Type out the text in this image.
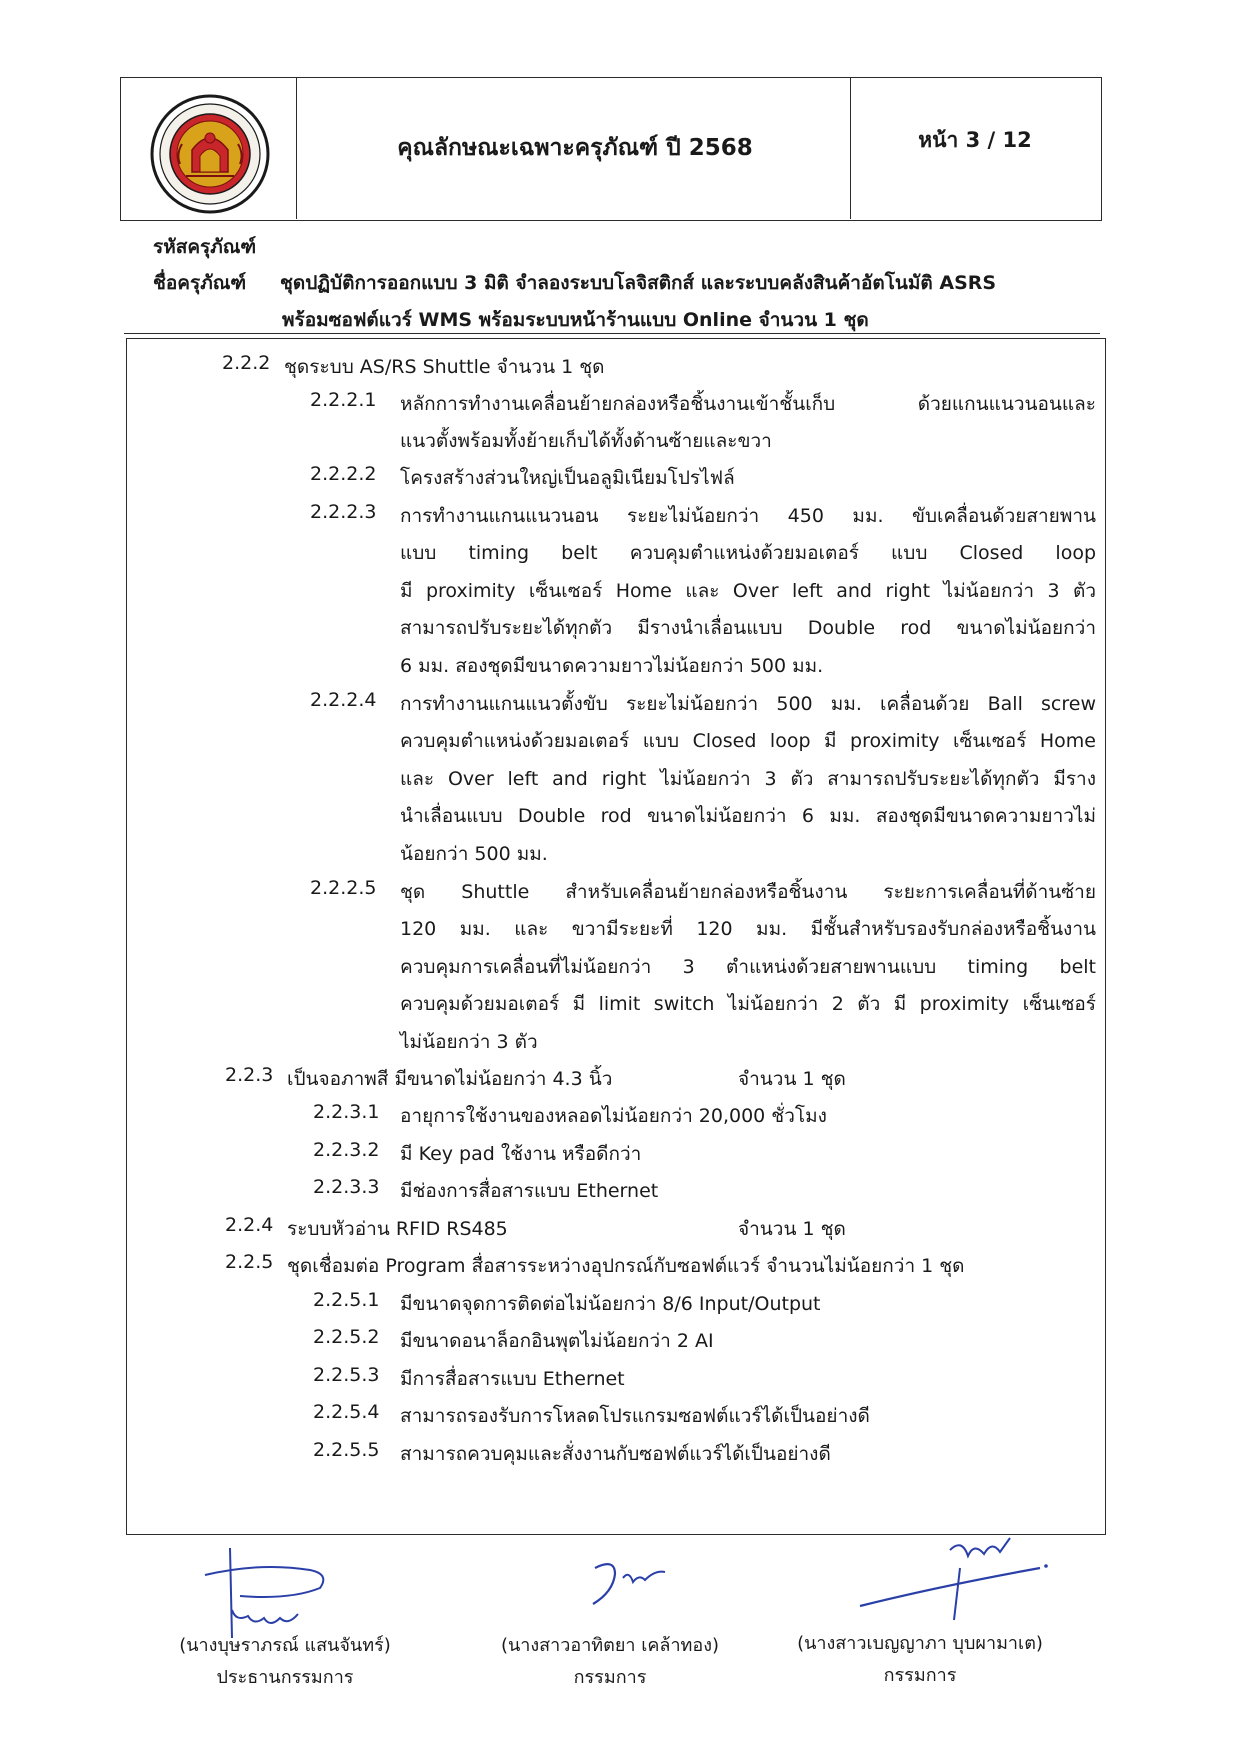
คุณลักษณะเฉพาะครุภัณฑ์ ปี 2568	หน้า 3 / 12
รหัสครุภัณฑ์
ชื่อครุภัณฑ์ ชุดปฏิบัติการออกแบบ 3 มิติ จำลองระบบโลจิสติกส์ และระบบคลังสินค้าอัตโนมัติ ASRS
พร้อมซอฟต์แวร์ WMS พร้อมระบบหน้าร้านแบบ Online จำนวน 1 ชุด
2.2.2 ชุดระบบ AS/RS Shuttle จำนวน 1 ชุด
2.2.2.1 หลักการทำงานเคลื่อนย้ายกล่องหรือชิ้นงานเข้าชั้นเก็บ ด้วยแกนแนวนอนและ
แนวตั้งพร้อมทั้งย้ายเก็บได้ทั้งด้านซ้ายและขวา
2.2.2.2 โครงสร้างส่วนใหญ่เป็นอลูมิเนียมโปรไฟล์
2.2.2.3 การทำงานแกนแนวนอน ระยะไม่น้อยกว่า 450 มม. ขับเคลื่อนด้วยสายพาน
แบบ timing belt ควบคุมตำแหน่งด้วยมอเตอร์ แบบ Closed loop
มี proximity เซ็นเซอร์ Home และ Over left and right ไม่น้อยกว่า 3 ตัว
สามารถปรับระยะได้ทุกตัว มีรางนำเลื่อนแบบ Double rod ขนาดไม่น้อยกว่า
6 มม. สองชุดมีขนาดความยาวไม่น้อยกว่า 500 มม.
2.2.2.4 การทำงานแกนแนวตั้งขับ ระยะไม่น้อยกว่า 500 มม. เคลื่อนด้วย Ball screw
ควบคุมตำแหน่งด้วยมอเตอร์ แบบ Closed loop มี proximity เซ็นเซอร์ Home
และ Over left and right ไม่น้อยกว่า 3 ตัว สามารถปรับระยะได้ทุกตัว มีราง
นำเลื่อนแบบ Double rod ขนาดไม่น้อยกว่า 6 มม. สองชุดมีขนาดความยาวไม่
น้อยกว่า 500 มม.
2.2.2.5 ชุด Shuttle สำหรับเคลื่อนย้ายกล่องหรือชิ้นงาน ระยะการเคลื่อนที่ด้านซ้าย
120 มม. และ ขวามีระยะที่ 120 มม. มีชั้นสำหรับรองรับกล่องหรือชิ้นงาน
ควบคุมการเคลื่อนที่ไม่น้อยกว่า 3 ตำแหน่งด้วยสายพานแบบ timing belt
ควบคุมด้วยมอเตอร์ มี limit switch ไม่น้อยกว่า 2 ตัว มี proximity เซ็นเซอร์
ไม่น้อยกว่า 3 ตัว
2.2.3 เป็นจอภาพสี มีขนาดไม่น้อยกว่า 4.3 นิ้ว	จำนวน 1 ชุด
2.2.3.1 อายุการใช้งานของหลอดไม่น้อยกว่า 20,000 ชั่วโมง
2.2.3.2 มี Key pad ใช้งาน หรือดีกว่า
2.2.3.3 มีช่องการสื่อสารแบบ Ethernet
2.2.4 ระบบหัวอ่าน RFID RS485	จำนวน 1 ชุด
2.2.5 ชุดเชื่อมต่อ Program สื่อสารระหว่างอุปกรณ์กับซอฟต์แวร์ จำนวนไม่น้อยกว่า 1 ชุด
2.2.5.1 มีขนาดจุดการติดต่อไม่น้อยกว่า 8/6 Input/Output
2.2.5.2 มีขนาดอนาล็อกอินพุตไม่น้อยกว่า 2 AI
2.2.5.3 มีการสื่อสารแบบ Ethernet
2.2.5.4 สามารถรองรับการโหลดโปรแกรมซอฟต์แวร์ได้เป็นอย่างดี
2.2.5.5 สามารถควบคุมและสั่งงานกับซอฟต์แวร์ได้เป็นอย่างดี
(นางบุษราภรณ์ แสนจันทร์)
ประธานกรรมการ
(นางสาวอาทิตยา เคล้าทอง)
กรรมการ
(นางสาวเบญญาภา บุบผามาเต)
กรรมการ
